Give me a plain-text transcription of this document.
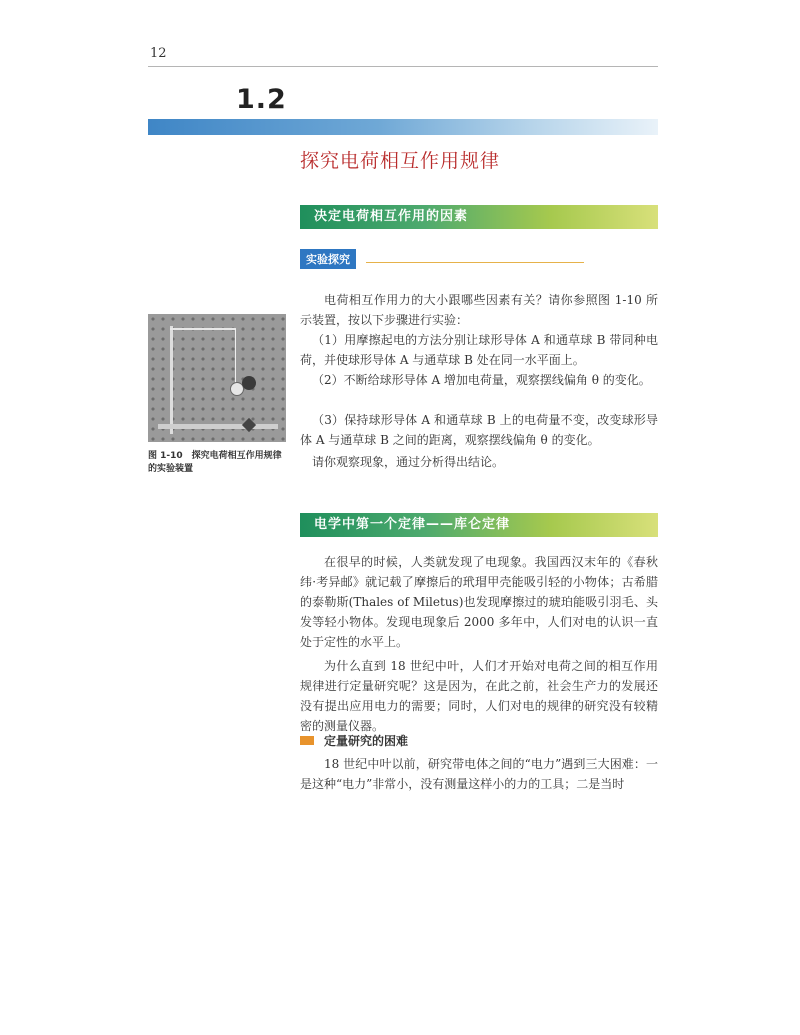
12
1.2
探究电荷相互作用规律
决定电荷相互作用的因素
实验探究

电荷相互作用力的大小跟哪些因素有关？请你参照图 1-10 所示装置，按以下步骤进行实验：

（1）用摩擦起电的方法分别让球形导体 A 和通草球 B 带同种电荷，并使球形导体 A 与通草球 B 处在同一水平面上。

（2）不断给球形导体 A 增加电荷量，观察摆线偏角 θ 的变化。

（3）保持球形导体 A 和通草球 B 上的电荷量不变，改变球形导体 A 与通草球 B 之间的距离，观察摆线偏角 θ 的变化。

请你观察现象，通过分析得出结论。

图 1-10　探究电荷相互作用规律的实验装置

电学中第一个定律——库仑定律

在很早的时候，人类就发现了电现象。我国西汉末年的《春秋纬·考异邮》就记载了摩擦后的玳瑁甲壳能吸引轻的小物体；古希腊的泰勒斯(Thales of Miletus)也发现摩擦过的琥珀能吸引羽毛、头发等轻小物体。发现电现象后 2000 多年中，人们对电的认识一直处于定性的水平上。

为什么直到 18 世纪中叶，人们才开始对电荷之间的相互作用规律进行定量研究呢？这是因为，在此之前，社会生产力的发展还没有提出应用电力的需要；同时，人们对电的规律的研究没有较精密的测量仪器。

定量研究的困难

18 世纪中叶以前，研究带电体之间的“电力”遇到三大困难：一是这种“电力”非常小，没有测量这样小的力的工具；二是当时
